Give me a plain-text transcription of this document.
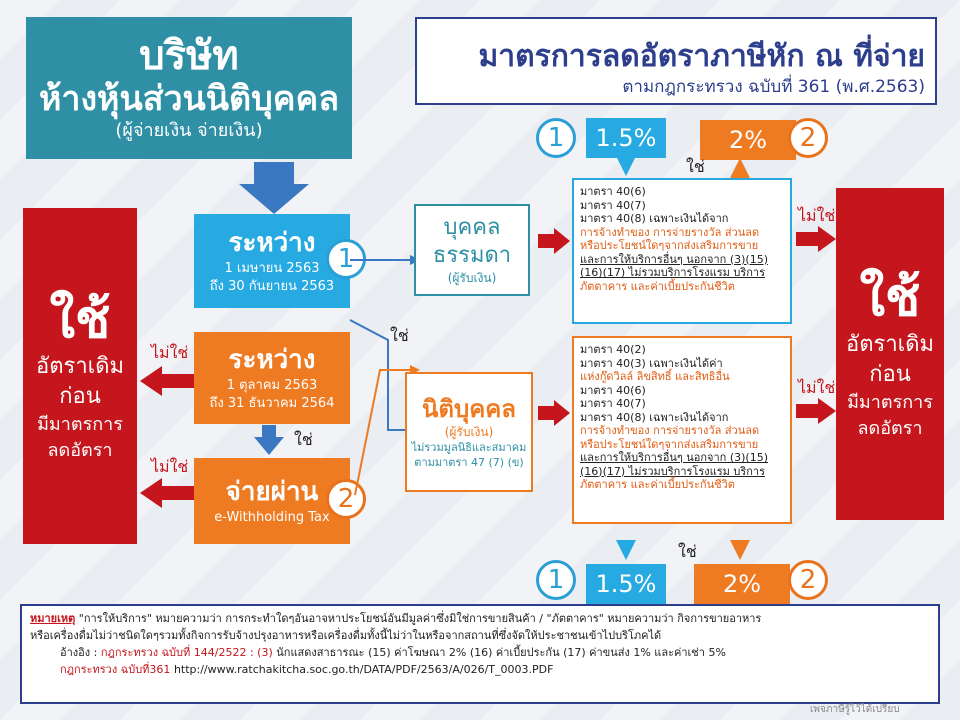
บริษัท
ห้างหุ้นส่วนนิติบุคคล
(ผู้จ่ายเงิน จ่ายเงิน)
มาตรการลดอัตราภาษีหัก ณ ที่จ่าย
ตามกฎกระทรวง ฉบับที่ 361 (พ.ศ.2563)
ใช้
อัตราเดิม
ก่อน
มีมาตรการ
ลดอัตรา
ใช้
อัตราเดิม
ก่อน
มีมาตรการ
ลดอัตรา
ระหว่าง
1 เมษายน 2563
ถึง 30 กันยายน 2563
ระหว่าง
1 ตุลาคม 2563
ถึง 31 ธันวาคม 2564
จ่ายผ่าน
e-Withholding Tax
ใช่
1
2
ไม่ใช่
ไม่ใช่
ใช่
บุคคล
ธรรมดา
(ผู้รับเงิน)
นิติบุคคล
(ผู้รับเงิน)
ไม่รวมมูลนิธิและสมาคม
ตามมาตรา 47 (7) (ข)
มาตรา 40(6)
มาตรา 40(7)
มาตรา 40(8) เฉพาะเงินได้จาก
การจ้างทำของ การจ่ายรางวัล ส่วนลด
หรือประโยชน์ใดๆจากส่งเสริมการขาย
และการให้บริการอื่นๆ นอกจาก (3)(15)
(16)(17) ไม่รวมบริการโรงแรม บริการ
ภัตตาคาร และค่าเบี้ยประกันชีวิต
มาตรา 40(2)
มาตรา 40(3) เฉพาะเงินได้ค่า
แห่งกู๊ดวิลล์ ลิขสิทธิ์ และสิทธิอื่น
มาตรา 40(6)
มาตรา 40(7)
มาตรา 40(8) เฉพาะเงินได้จาก
การจ้างทำของ การจ่ายรางวัล ส่วนลด
หรือประโยชน์ใดๆจากส่งเสริมการขาย
และการให้บริการอื่นๆ นอกจาก (3)(15)
(16)(17) ไม่รวมบริการโรงแรม บริการ
ภัตตาคาร และค่าเบี้ยประกันชีวิต
ไม่ใช่
ไม่ใช่
1	1.5%	2%	2
ใช่
ใช่
1	1.5%	2%	2
หมายเหตุ "การให้บริการ" หมายความว่า การกระทำใดๆอันอาจหาประโยชน์อันมีมูลค่าซึ่งมิใช่การขายสินค้า / "ภัตตาคาร" หมายความว่า กิจการขายอาหาร
หรือเครื่องดื่มไม่ว่าชนิดใดๆรวมทั้งกิจการรับจ้างปรุงอาหารหรือเครื่องดื่มทั้งนี้ไม่ว่าในหรือจากสถานที่ซึ่งจัดให้ประชาชนเข้าไปบริโภคได้
อ้างอิง : กฎกระทรวง ฉบับที่ 144/2522 : (3) นักแสดงสาธารณะ (15) ค่าโฆษณา 2% (16) ค่าเบี้ยประกัน (17) ค่าขนส่ง 1% และค่าเช่า 5%
กฎกระทรวง ฉบับที่361 http://www.ratchakitcha.soc.go.th/DATA/PDF/2563/A/026/T_0003.PDF
เพจภาษีรู้ไว้ได้เปรียบ
